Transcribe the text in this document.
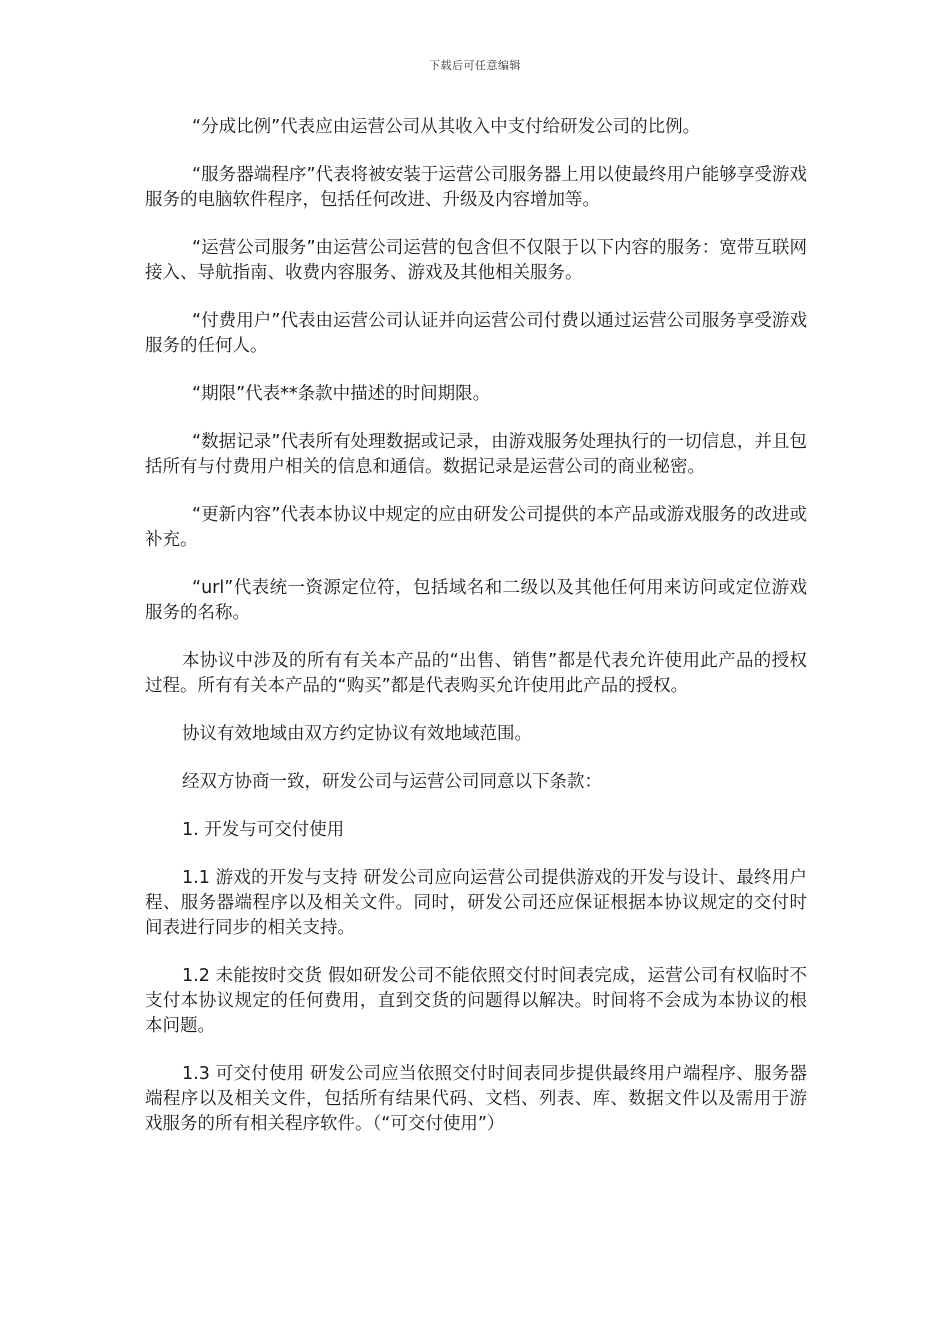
下载后可任意编辑

“分成比例”代表应由运营公司从其收入中支付给研发公司的比例。

“服务器端程序”代表将被安装于运营公司服务器上用以使最终用户能够享受游戏服务的电脑软件程序，包括任何改进、升级及内容增加等。

“运营公司服务”由运营公司运营的包含但不仅限于以下内容的服务：宽带互联网接入、导航指南、收费内容服务、游戏及其他相关服务。

“付费用户”代表由运营公司认证并向运营公司付费以通过运营公司服务享受游戏服务的任何人。

“期限”代表**条款中描述的时间期限。

“数据记录”代表所有处理数据或记录，由游戏服务处理执行的一切信息，并且包括所有与付费用户相关的信息和通信。数据记录是运营公司的商业秘密。

“更新内容”代表本协议中规定的应由研发公司提供的本产品或游戏服务的改进或补充。

“url”代表统一资源定位符，包括域名和二级以及其他任何用来访问或定位游戏服务的名称。

本协议中涉及的所有有关本产品的“出售、销售”都是代表允许使用此产品的授权过程。所有有关本产品的“购买”都是代表购买允许使用此产品的授权。

协议有效地域由双方约定协议有效地域范围。

经双方协商一致，研发公司与运营公司同意以下条款：

1. 开发与可交付使用

1.1 游戏的开发与支持 研发公司应向运营公司提供游戏的开发与设计、最终用户程、服务器端程序以及相关文件。同时，研发公司还应保证根据本协议规定的交付时间表进行同步的相关支持。

1.2 未能按时交货 假如研发公司不能依照交付时间表完成，运营公司有权临时不支付本协议规定的任何费用，直到交货的问题得以解决。时间将不会成为本协议的根本问题。

1.3 可交付使用 研发公司应当依照交付时间表同步提供最终用户端程序、服务器端程序以及相关文件，包括所有结果代码、文档、列表、库、数据文件以及需用于游戏服务的所有相关程序软件。（“可交付使用”）
